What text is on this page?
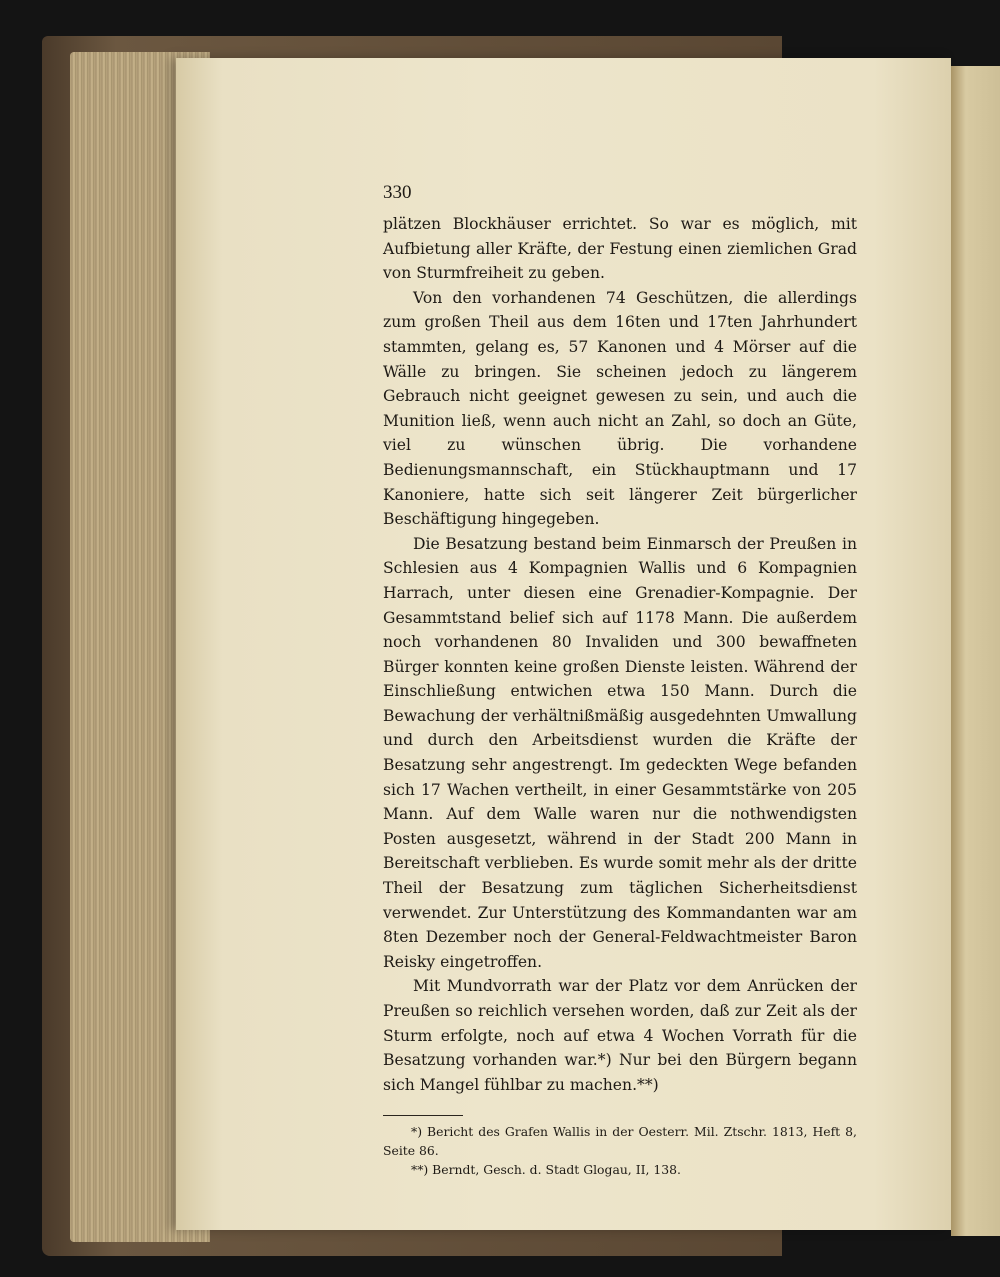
330

plätzen Blockhäuser errichtet. So war es möglich, mit Aufbietung aller Kräfte, der Festung einen ziemlichen Grad von Sturmfreiheit zu geben.

Von den vorhandenen 74 Geschützen, die allerdings zum großen Theil aus dem 16ten und 17ten Jahrhundert stammten, gelang es, 57 Kanonen und 4 Mörser auf die Wälle zu bringen. Sie scheinen jedoch zu längerem Gebrauch nicht geeignet gewesen zu sein, und auch die Munition ließ, wenn auch nicht an Zahl, so doch an Güte, viel zu wünschen übrig. Die vorhandene Bedienungsmannschaft, ein Stückhauptmann und 17 Kanoniere, hatte sich seit längerer Zeit bürgerlicher Beschäftigung hingegeben.

Die Besatzung bestand beim Einmarsch der Preußen in Schlesien aus 4 Kompagnien Wallis und 6 Kompagnien Harrach, unter diesen eine Grenadier-Kompagnie. Der Gesammtstand belief sich auf 1178 Mann. Die außerdem noch vorhandenen 80 Invaliden und 300 bewaffneten Bürger konnten keine großen Dienste leisten. Während der Einschließung entwichen etwa 150 Mann. Durch die Bewachung der verhältnißmäßig ausgedehnten Umwallung und durch den Arbeitsdienst wurden die Kräfte der Besatzung sehr angestrengt. Im gedeckten Wege befanden sich 17 Wachen vertheilt, in einer Gesammtstärke von 205 Mann. Auf dem Walle waren nur die nothwendigsten Posten ausgesetzt, während in der Stadt 200 Mann in Bereitschaft verblieben. Es wurde somit mehr als der dritte Theil der Besatzung zum täglichen Sicherheitsdienst verwendet. Zur Unterstützung des Kommandanten war am 8ten Dezember noch der General-Feldwachtmeister Baron Reisky eingetroffen.

Mit Mundvorrath war der Platz vor dem Anrücken der Preußen so reichlich versehen worden, daß zur Zeit als der Sturm erfolgte, noch auf etwa 4 Wochen Vorrath für die Besatzung vorhanden war.*) Nur bei den Bürgern begann sich Mangel fühlbar zu machen.**)

*) Bericht des Grafen Wallis in der Oesterr. Mil. Ztschr. 1813, Heft 8, Seite 86.

**) Berndt, Gesch. d. Stadt Glogau, II, 138.
